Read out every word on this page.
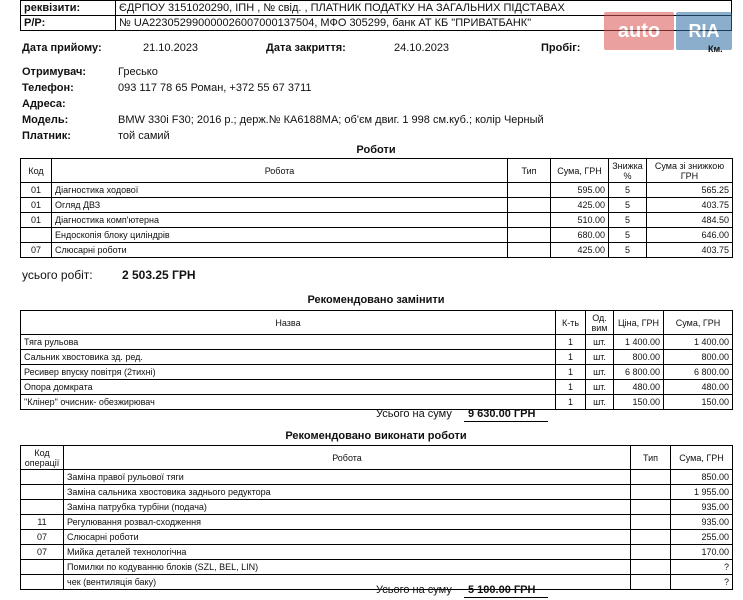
реквізити:	ЄДРПОУ 3151020290, ІПН , № свід. , ПЛАТНИК ПОДАТКУ НА ЗАГАЛЬНИХ ПІДСТАВАХ
Р/Р:	№ UA223052990000026007000137504, МФО 305299, банк АТ КБ "ПРИВАТБАНК"	auto	RIA
Дата прийому:	21.10.2023	Дата закриття:	24.10.2023	Пробіг:	Км.
Отримувач:	Гресько
Телефон:	093 117 78 65 Роман, +372 55 67 3711
Адреса:
Модель:	BMW 330i F30; 2016 р.; держ.№ КА6188МА; об'єм двиг. 1 998 см.куб.; колір Черный
Платник:	той самий
Роботи
Код	Робота	Тип	Сума, ГРН	Знижка %	Сума зі знижкою ГРН
01	Діагностика ходової		595.00	5	565.25
01	Огляд ДВЗ		425.00	5	403.75
01	Діагностика комп'ютерна		510.00	5	484.50
	Ендоскопія блоку циліндрів		680.00	5	646.00
07	Слюсарні роботи		425.00	5	403.75
усього робіт: 2 503.25 ГРН
Рекомендовано замінити
Назва	К-ть	Од. вим	Ціна, ГРН	Сума, ГРН
Тяга рульова	1	шт.	1 400.00	1 400.00
Сальник хвостовика зд. ред.	1	шт.	800.00	800.00
Ресивер впуску повітря (2тихні)	1	шт.	6 800.00	6 800.00
Опора домкрата	1	шт.	480.00	480.00
"Клінер" очисник- обезжирювач	1	шт.	150.00	150.00
Усього на суму	9 630.00 ГРН
Рекомендовано виконати роботи
Код операції	Робота	Тип	Сума, ГРН
	Заміна правої рульової тяги		850.00
	Заміна сальника хвостовика заднього редуктора		1 955.00
	Заміна патрубка турбіни (подача)		935.00
11	Регулювання розвал-сходження		935.00
07	Слюсарні роботи		255.00
07	Мийка деталей технологічна		170.00
	Помилки по кодуванню блоків (SZL, BEL, LIN)		?
	чек (вентиляція баку)		?
Усього на суму	5 100.00 ГРН
